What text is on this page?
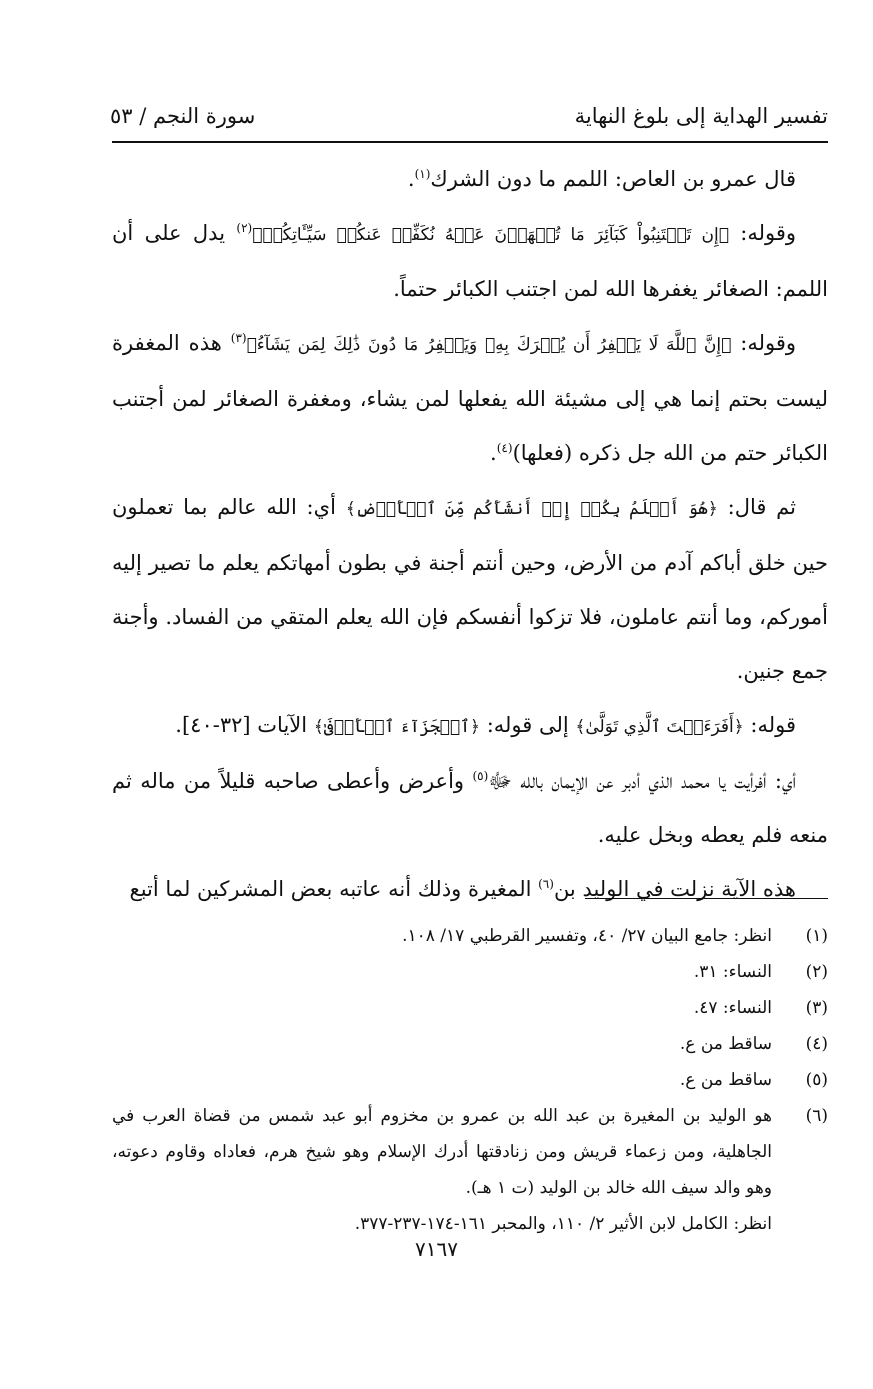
تفسير الهداية إلى بلوغ النهاية
سورة النجم / ٥٣

قال عمرو بن العاص: اللمم ما دون الشرك$^{(١)}$.

وقوله: ﴿إِن تَجۡتَنِبُواْ كَبَآئِرَ مَا تُنۡهَوۡنَ عَنۡهُ نُكَفِّرۡ عَنكُمۡ سَيِّـَٔاتِكُمۡ﴾$^{(٢)}$ يدل على أن اللمم: الصغائر يغفرها الله لمن اجتنب الكبائر حتماً.

وقوله: ﴿إِنَّ ٱللَّهَ لَا يَغۡفِرُ أَن يُشۡرَكَ بِهِۦ وَيَغۡفِرُ مَا دُونَ ذَٰلِكَ لِمَن يَشَآءُ﴾$^{(٣)}$ هذه المغفرة ليست بحتم إنما هي إلى مشيئة الله يفعلها لمن يشاء، ومغفرة الصغائر لمن أجتنب الكبائر حتم من الله جل ذكره (فعلها)$^{(٤)}$.

ثم قال: ﴿هُوَ أَعۡلَمُ بِكُمۡ إِذۡ أَنشَأَكُم مِّنَ ٱلۡأَرۡضِ﴾ أي: الله عالم بما تعملون حين خلق أباكم آدم من الأرض، وحين أنتم أجنة في بطون أمهاتكم يعلم ما تصير إليه أموركم، وما أنتم عاملون، فلا تزكوا أنفسكم فإن الله يعلم المتقي من الفساد. وأجنة جمع جنين.

قوله: ﴿أَفَرَءَيۡتَ ٱلَّذِي تَوَلَّىٰ﴾ إلى قوله: ﴿ٱلۡجَزَآءَ ٱلۡأَوۡفَىٰ﴾ الآيات [٣٢-٤٠].

أي: أفرأيت يا محمد الذي أدبر عن الإيمان بالله ﷻ$^{(٥)}$ وأعرض وأعطى صاحبه قليلاً من ماله ثم منعه فلم يعطه وبخل عليه.

هذه الآية نزلت في الوليد بن$^{(٦)}$ المغيرة وذلك أنه عاتبه بعض المشركين لما أتبع

(١)
انظر: جامع البيان ٢٧/ ٤٠، وتفسير القرطبي ١٧/ ١٠٨.
(٢)
النساء: ٣١.
(٣)
النساء: ٤٧.
(٤)
ساقط من ع.
(٥)
ساقط من ع.
(٦)
هو الوليد بن المغيرة بن عبد الله بن عمرو بن مخزوم أبو عبد شمس من قضاة العرب في الجاهلية، ومن زعماء قريش ومن زنادقتها أدرك الإسلام وهو شيخ هرم، فعاداه وقاوم دعوته، وهو والد سيف الله خالد بن الوليد (ت ١ هـ).
انظر: الكامل لابن الأثير ٢/ ١١٠، والمحبر ١٦١-١٧٤-٢٣٧-٣٧٧.
٧١٦٧
